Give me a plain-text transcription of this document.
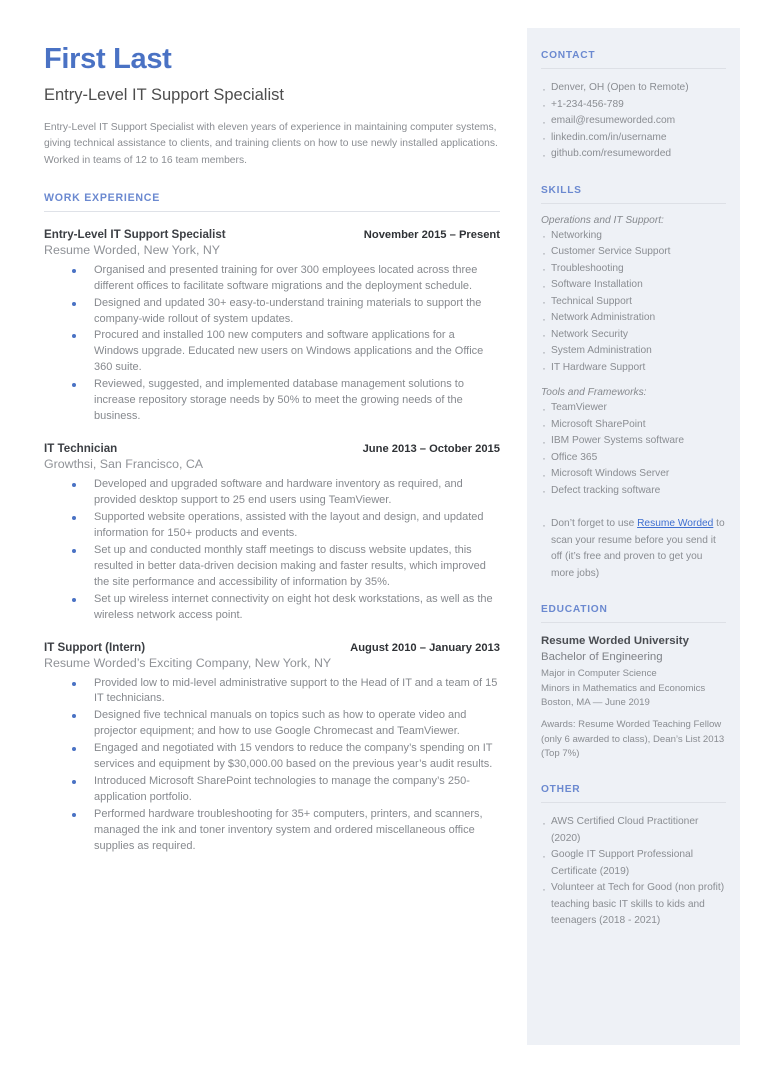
First Last
Entry-Level IT Support Specialist

Entry-Level IT Support Specialist with eleven years of experience in maintaining computer systems, giving technical assistance to clients, and training clients on how to use newly installed applications. Worked in teams of 12 to 16 team members.

WORK EXPERIENCE
Entry-Level IT Support Specialist	November 2015 – Present
Resume Worded, New York, NY
Organised and presented training for over 300 employees located across three different offices to facilitate software migrations and the deployment schedule.
Designed and updated 30+ easy-to-understand training materials to support the company-wide rollout of system updates.
Procured and installed 100 new computers and software applications for a Windows upgrade. Educated new users on Windows applications and the Office 360 suite.
Reviewed, suggested, and implemented database management solutions to increase repository storage needs by 50% to meet the growing needs of the business.
IT Technician	June 2013 – October 2015
Growthsi, San Francisco, CA
Developed and upgraded software and hardware inventory as required, and provided desktop support to 25 end users using TeamViewer.
Supported website operations, assisted with the layout and design, and updated information for 150+ products and events.
Set up and conducted monthly staff meetings to discuss website updates, this resulted in better data-driven decision making and faster results, which improved the site performance and accessibility of information by 35%.
Set up wireless internet connectivity on eight hot desk workstations, as well as the wireless network access point.
IT Support (Intern)	August 2010 – January 2013
Resume Worded’s Exciting Company, New York, NY
Provided low to mid-level administrative support to the Head of IT and a team of 15 IT technicians.
Designed five technical manuals on topics such as how to operate video and projector equipment; and how to use Google Chromecast and TeamViewer.
Engaged and negotiated with 15 vendors to reduce the company’s spending on IT services and equipment by $30,000.00 based on the previous year’s audit results.
Introduced Microsoft SharePoint technologies to manage the company’s 250-application portfolio.
Performed hardware troubleshooting for 35+ computers, printers, and scanners, managed the ink and toner inventory system and ordered miscellaneous office supplies as required.
CONTACT
· Denver, OH (Open to Remote)
· +1-234-456-789
· email@resumeworded.com
· linkedin.com/in/username
· github.com/resumeworded
SKILLS
Operations and IT Support:
· Networking
· Customer Service Support
· Troubleshooting
· Software Installation
· Technical Support
· Network Administration
· Network Security
· System Administration
· IT Hardware Support
Tools and Frameworks:
· TeamViewer
· Microsoft SharePoint
· IBM Power Systems software
· Office 365
· Microsoft Windows Server
· Defect tracking software

· Don’t forget to use Resume Worded to scan your resume before you send it off (it’s free and proven to get you more jobs)

EDUCATION
Resume Worded University
Bachelor of Engineering
Major in Computer Science
Minors in Mathematics and Economics
Boston, MA — June 2019
Awards: Resume Worded Teaching Fellow (only 6 awarded to class), Dean’s List 2013 (Top 7%)
OTHER
· AWS Certified Cloud Practitioner (2020)
· Google IT Support Professional Certificate (2019)
· Volunteer at Tech for Good (non profit) teaching basic IT skills to kids and teenagers (2018 - 2021)
